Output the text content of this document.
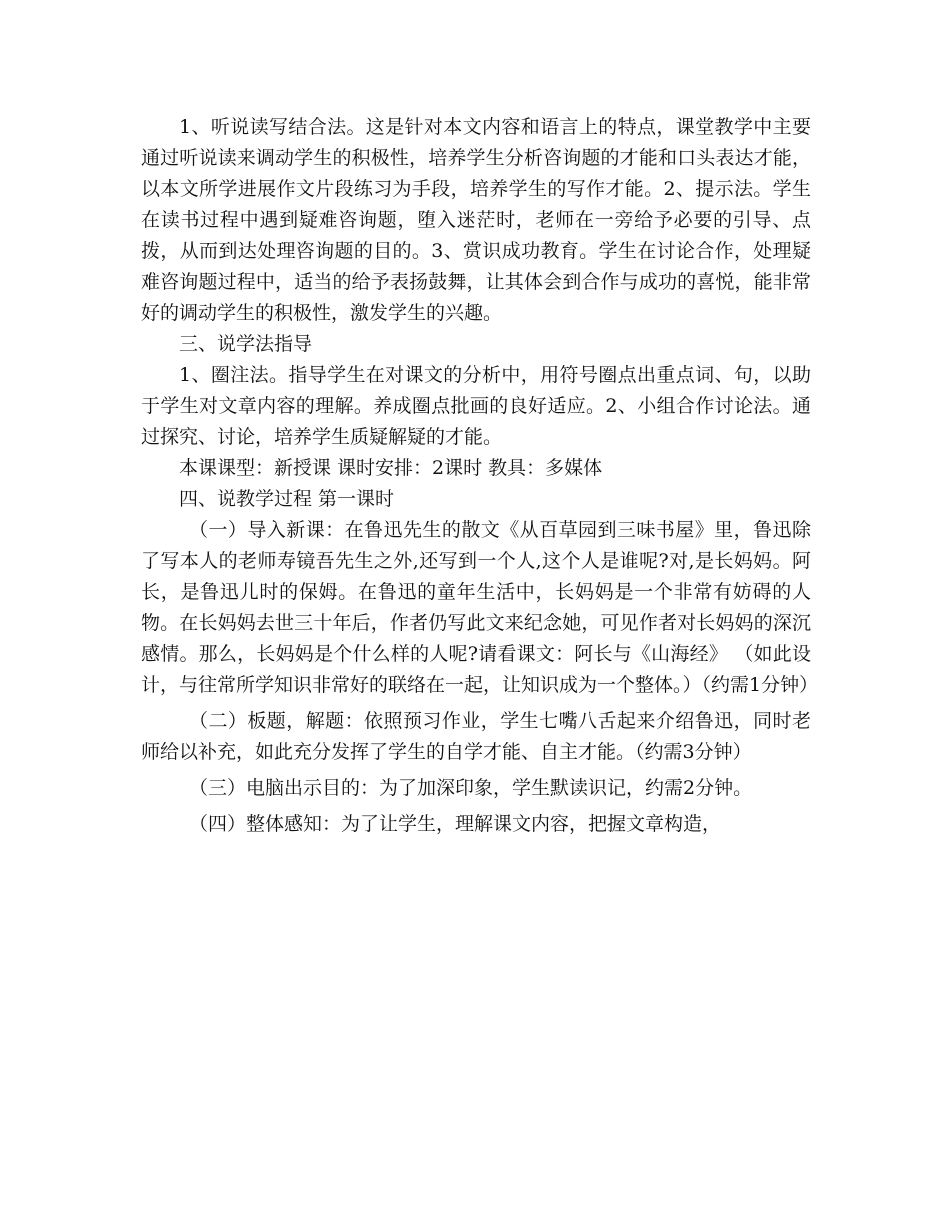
1、听说读写结合法。这是针对本文内容和语言上的特点，课堂教学中主要通过听说读来调动学生的积极性，培养学生分析咨询题的才能和口头表达才能，以本文所学进展作文片段练习为手段，培养学生的写作才能。2、提示法。学生在读书过程中遇到疑难咨询题，堕入迷茫时，老师在一旁给予必要的引导、点拨，从而到达处理咨询题的目的。3、赏识成功教育。学生在讨论合作，处理疑难咨询题过程中，适当的给予表扬鼓舞，让其体会到合作与成功的喜悦，能非常好的调动学生的积极性，激发学生的兴趣。

三、说学法指导

1、圈注法。指导学生在对课文的分析中，用符号圈点出重点词、句，以助于学生对文章内容的理解。养成圈点批画的良好适应。2、小组合作讨论法。通过探究、讨论，培养学生质疑解疑的才能。

本课课型：新授课 课时安排：2课时 教具：多媒体

四、说教学过程 第一课时

（一）导入新课：在鲁迅先生的散文《从百草园到三味书屋》里，鲁迅除了写本人的老师寿镜吾先生之外,还写到一个人,这个人是谁呢?对,是长妈妈。阿长，是鲁迅儿时的保姆。在鲁迅的童年生活中，长妈妈是一个非常有妨碍的人物。在长妈妈去世三十年后，作者仍写此文来纪念她，可见作者对长妈妈的深沉感情。那么，长妈妈是个什么样的人呢?请看课文：阿长与《山海经》 （如此设计，与往常所学知识非常好的联络在一起，让知识成为一个整体。）（约需1分钟）

（二）板题，解题：依照预习作业，学生七嘴八舌起来介绍鲁迅，同时老师给以补充，如此充分发挥了学生的自学才能、自主才能。（约需3分钟）

（三）电脑出示目的：为了加深印象，学生默读识记，约需2分钟。

（四）整体感知：为了让学生，理解课文内容，把握文章构造，
